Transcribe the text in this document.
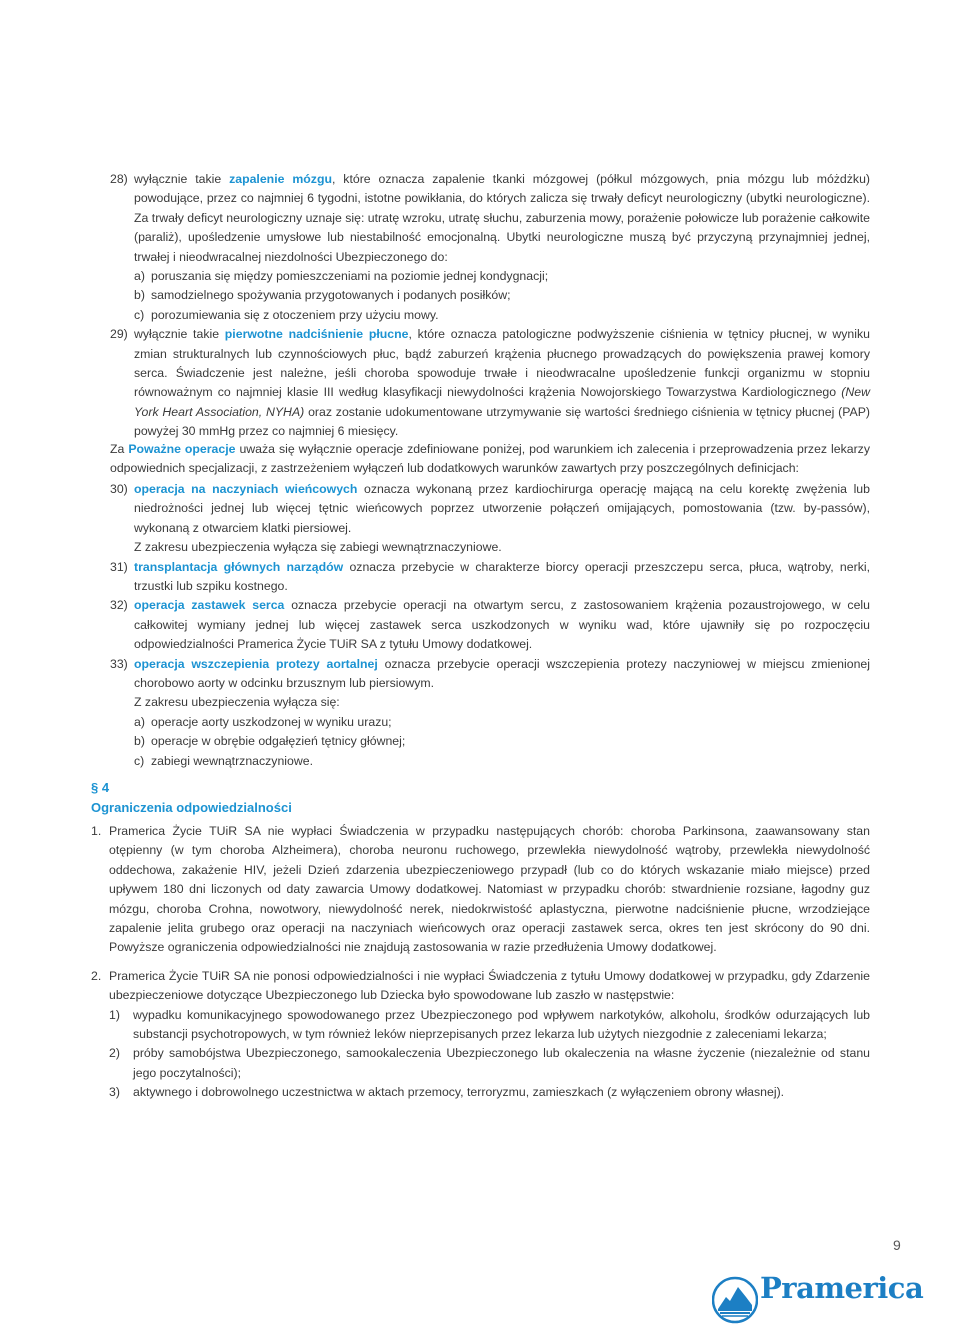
28) wyłącznie takie zapalenie mózgu, które oznacza zapalenie tkanki mózgowej (półkul mózgowych, pnia mózgu lub móżdżku) powodujące, przez co najmniej 6 tygodni, istotne powikłania, do których zalicza się trwały deficyt neurologiczny (ubytki neurologiczne). Za trwały deficyt neurologiczny uznaje się: utratę wzroku, utratę słuchu, zaburzenia mowy, porażenie połowicze lub porażenie całkowite (paraliż), upośledzenie umysłowe lub niestabilność emocjonalną. Ubytki neurologiczne muszą być przyczyną przynajmniej jednej, trwałej i nieodwracalnej niezdolności Ubezpieczonego do:

a) poruszania się między pomieszczeniami na poziomie jednej kondygnacji;
b) samodzielnego spożywania przygotowanych i podanych posiłków;
c) porozumiewania się z otoczeniem przy użyciu mowy.
29) wyłącznie takie pierwotne nadciśnienie płucne, które oznacza patologiczne podwyższenie ciśnienia w tętnicy płucnej, w wyniku zmian strukturalnych lub czynnościowych płuc, bądź zaburzeń krążenia płucnego prowadzących do powiększenia prawej komory serca. Świadczenie jest należne, jeśli choroba spowoduje trwałe i nieodwracalne upośledzenie funkcji organizmu w stopniu równoważnym co najmniej klasie III według klasyfikacji niewydolności krążenia Nowojorskiego Towarzystwa Kardiologicznego (New York Heart Association, NYHA) oraz zostanie udokumentowane utrzymywanie się wartości średniego ciśnienia w tętnicy płucnej (PAP) powyżej 30 mmHg przez co najmniej 6 miesięcy.

Za Poważne operacje uważa się wyłącznie operacje zdefiniowane poniżej, pod warunkiem ich zalecenia i przeprowadzenia przez lekarzy odpowiednich specjalizacji, z zastrzeżeniem wyłączeń lub dodatkowych warunków zawartych przy poszczególnych definicjach:

30) operacja na naczyniach wieńcowych oznacza wykonaną przez kardiochirurga operację mającą na celu korektę zwężenia lub niedrożności jednej lub więcej tętnic wieńcowych poprzez utworzenie połączeń omijających, pomostowania (tzw. by-passów), wykonaną z otwarciem klatki piersiowej.

Z zakresu ubezpieczenia wyłącza się zabiegi wewnątrznaczyniowe.

31) transplantacja głównych narządów oznacza przebycie w charakterze biorcy operacji przeszczepu serca, płuca, wątroby, nerki, trzustki lub szpiku kostnego.

32) operacja zastawek serca oznacza przebycie operacji na otwartym sercu, z zastosowaniem krążenia pozaustrojowego, w celu całkowitej wymiany jednej lub więcej zastawek serca uszkodzonych w wyniku wad, które ujawniły się po rozpoczęciu odpowiedzialności Pramerica Życie TUiR SA z tytułu Umowy dodatkowej.

33) operacja wszczepienia protezy aortalnej oznacza przebycie operacji wszczepienia protezy naczyniowej w miejscu zmienionej chorobowo aorty w odcinku brzusznym lub piersiowym.

Z zakresu ubezpieczenia wyłącza się:

a) operacje aorty uszkodzonej w wyniku urazu;
b) operacje w obrębie odgałęzień tętnicy głównej;
c) zabiegi wewnątrznaczyniowe.
§ 4
Ograniczenia odpowiedzialności
1. Pramerica Życie TUiR SA nie wypłaci Świadczenia w przypadku następujących chorób: choroba Parkinsona, zaawansowany stan otępienny (w tym choroba Alzheimera), choroba neuronu ruchowego, przewlekła niewydolność wątroby, przewlekła niewydolność oddechowa, zakażenie HIV, jeżeli Dzień zdarzenia ubezpieczeniowego przypadł (lub co do których wskazanie miało miejsce) przed upływem 180 dni liczonych od daty zawarcia Umowy dodatkowej. Natomiast w przypadku chorób: stwardnienie rozsiane, łagodny guz mózgu, choroba Crohna, nowotwory, niewydolność nerek, niedokrwistość aplastyczna, pierwotne nadciśnienie płucne, wrzodziejące zapalenie jelita grubego oraz operacji na naczyniach wieńcowych oraz operacji zastawek serca, okres ten jest skrócony do 90 dni. Powyższe ograniczenia odpowiedzialności nie znajdują zastosowania w razie przedłużenia Umowy dodatkowej.

2. Pramerica Życie TUiR SA nie ponosi odpowiedzialności i nie wypłaci Świadczenia z tytułu Umowy dodatkowej w przypadku, gdy Zdarzenie ubezpieczeniowe dotyczące Ubezpieczonego lub Dziecka było spowodowane lub zaszło w następstwie:

1)	wypadku komunikacyjnego spowodowanego przez Ubezpieczonego pod wpływem narkotyków, alkoholu, środków odurzających lub substancji psychotropowych, w tym również leków nieprzepisanych przez lekarza lub użytych niezgodnie z zaleceniami lekarza;

2)	próby samobójstwa Ubezpieczonego, samookaleczenia Ubezpieczonego lub okaleczenia na własne życzenie (niezależnie od stanu jego poczytalności);

3)	aktywnego i dobrowolnego uczestnictwa w aktach przemocy, terroryzmu, zamieszkach (z wyłączeniem obrony własnej).

9
Pramerica
